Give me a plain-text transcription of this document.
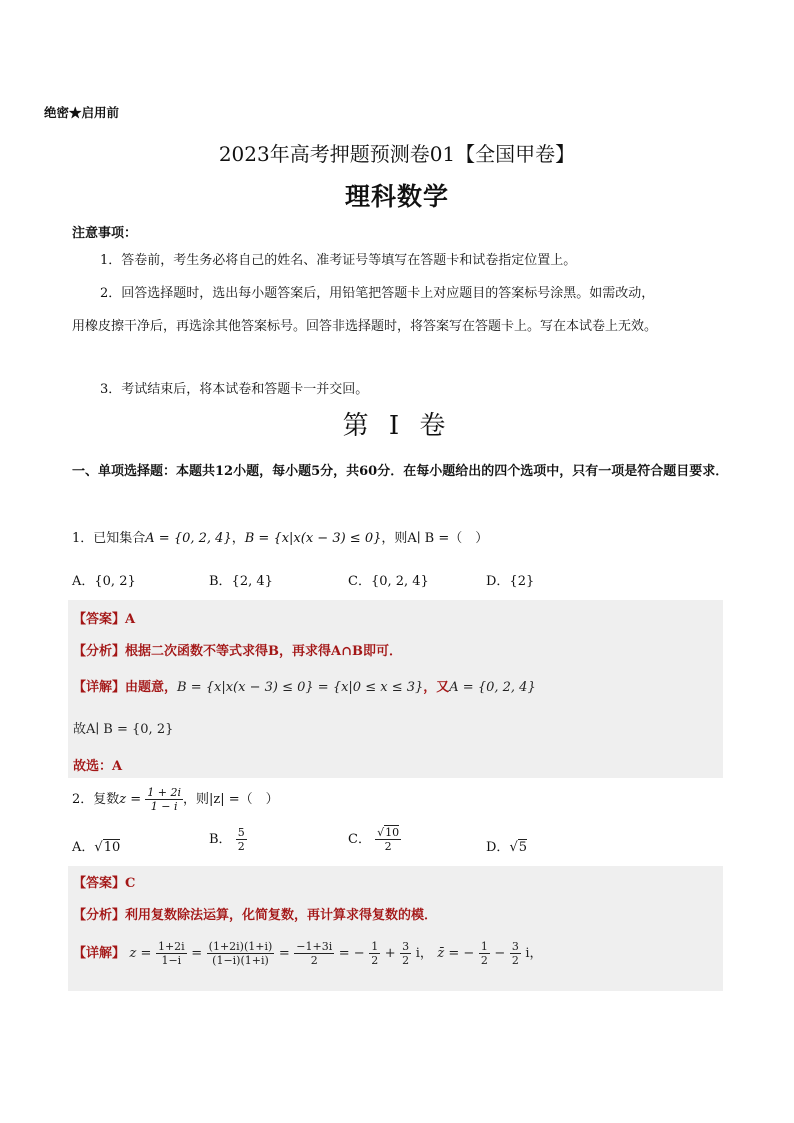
绝密★启用前
2023年高考押题预测卷01【全国甲卷】
理科数学
注意事项：
1．答卷前，考生务必将自己的姓名、准考证号等填写在答题卡和试卷指定位置上。
2．回答选择题时，选出每小题答案后，用铅笔把答题卡上对应题目的答案标号涂黑。如需改动，用橡皮擦干净后，再选涂其他答案标号。回答非选择题时，将答案写在答题卡上。写在本试卷上无效。
3．考试结束后，将本试卷和答题卡一并交回。
第 I 卷
一、单项选择题：本题共12小题，每小题5分，共60分．在每小题给出的四个选项中，只有一项是符合题目要求．
1．已知集合A = {0, 2, 4}，B = {x|x(x − 3) ≤ 0}，则A∣ B =（　）
A．{0, 2}	B．{2, 4}	C．{0, 2, 4}	D．{2}
【答案】A
【分析】根据二次函数不等式求得B，再求得A∩B即可．
【详解】由题意，B = {x|x(x − 3) ≤ 0} = {x|0 ≤ x ≤ 3}，又A = {0, 2, 4}
故A∣ B = {0, 2}
故选：A
2．复数$z = \frac{1 + 2i}{1 - i}$ ，则|z| =（　）
A．√10
B． $\frac{5}{2}$	C． $\frac{√10}{2}$	D．√5
【答案】C
【分析】利用复数除法运算，化简复数，再计算求得复数的模．
【详解】 $z = \frac{1+2i}{1-i} = \frac{(1+2i)(1+i)}{(1-i)(1+i)} = \frac{-1+3i}{2}$ = − $\frac{1}{2} + \frac{3}{2}$ i， z̄ = − $\frac{1}{2} - \frac{3}{2}$ i，
